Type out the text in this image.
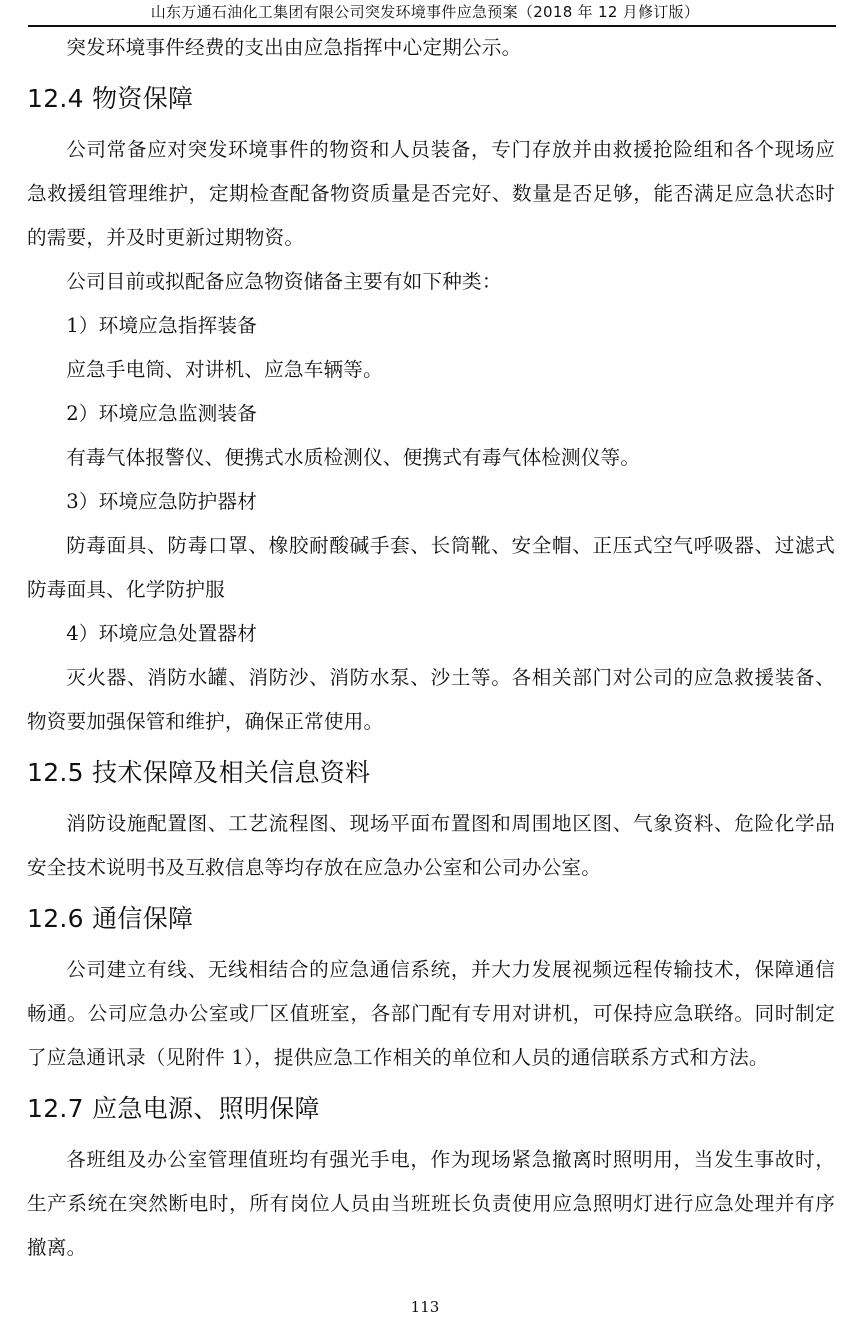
山东万通石油化工集团有限公司突发环境事件应急预案（2018 年 12 月修订版）

突发环境事件经费的支出由应急指挥中心定期公示。

12.4 物资保障

公司常备应对突发环境事件的物资和人员装备，专门存放并由救援抢险组和各个现场应急救援组管理维护，定期检查配备物资质量是否完好、数量是否足够，能否满足应急状态时的需要，并及时更新过期物资。

公司目前或拟配备应急物资储备主要有如下种类：

1）环境应急指挥装备

应急手电筒、对讲机、应急车辆等。

2）环境应急监测装备

有毒气体报警仪、便携式水质检测仪、便携式有毒气体检测仪等。

3）环境应急防护器材

防毒面具、防毒口罩、橡胶耐酸碱手套、长筒靴、安全帽、正压式空气呼吸器、过滤式防毒面具、化学防护服

4）环境应急处置器材

灭火器、消防水罐、消防沙、消防水泵、沙土等。各相关部门对公司的应急救援装备、物资要加强保管和维护，确保正常使用。

12.5 技术保障及相关信息资料

消防设施配置图、工艺流程图、现场平面布置图和周围地区图、气象资料、危险化学品安全技术说明书及互救信息等均存放在应急办公室和公司办公室。

12.6 通信保障

公司建立有线、无线相结合的应急通信系统，并大力发展视频远程传输技术，保障通信畅通。公司应急办公室或厂区值班室，各部门配有专用对讲机，可保持应急联络。同时制定了应急通讯录（见附件 1），提供应急工作相关的单位和人员的通信联系方式和方法。

12.7 应急电源、照明保障

各班组及办公室管理值班均有强光手电，作为现场紧急撤离时照明用，当发生事故时，生产系统在突然断电时，所有岗位人员由当班班长负责使用应急照明灯进行应急处理并有序撤离。

113
